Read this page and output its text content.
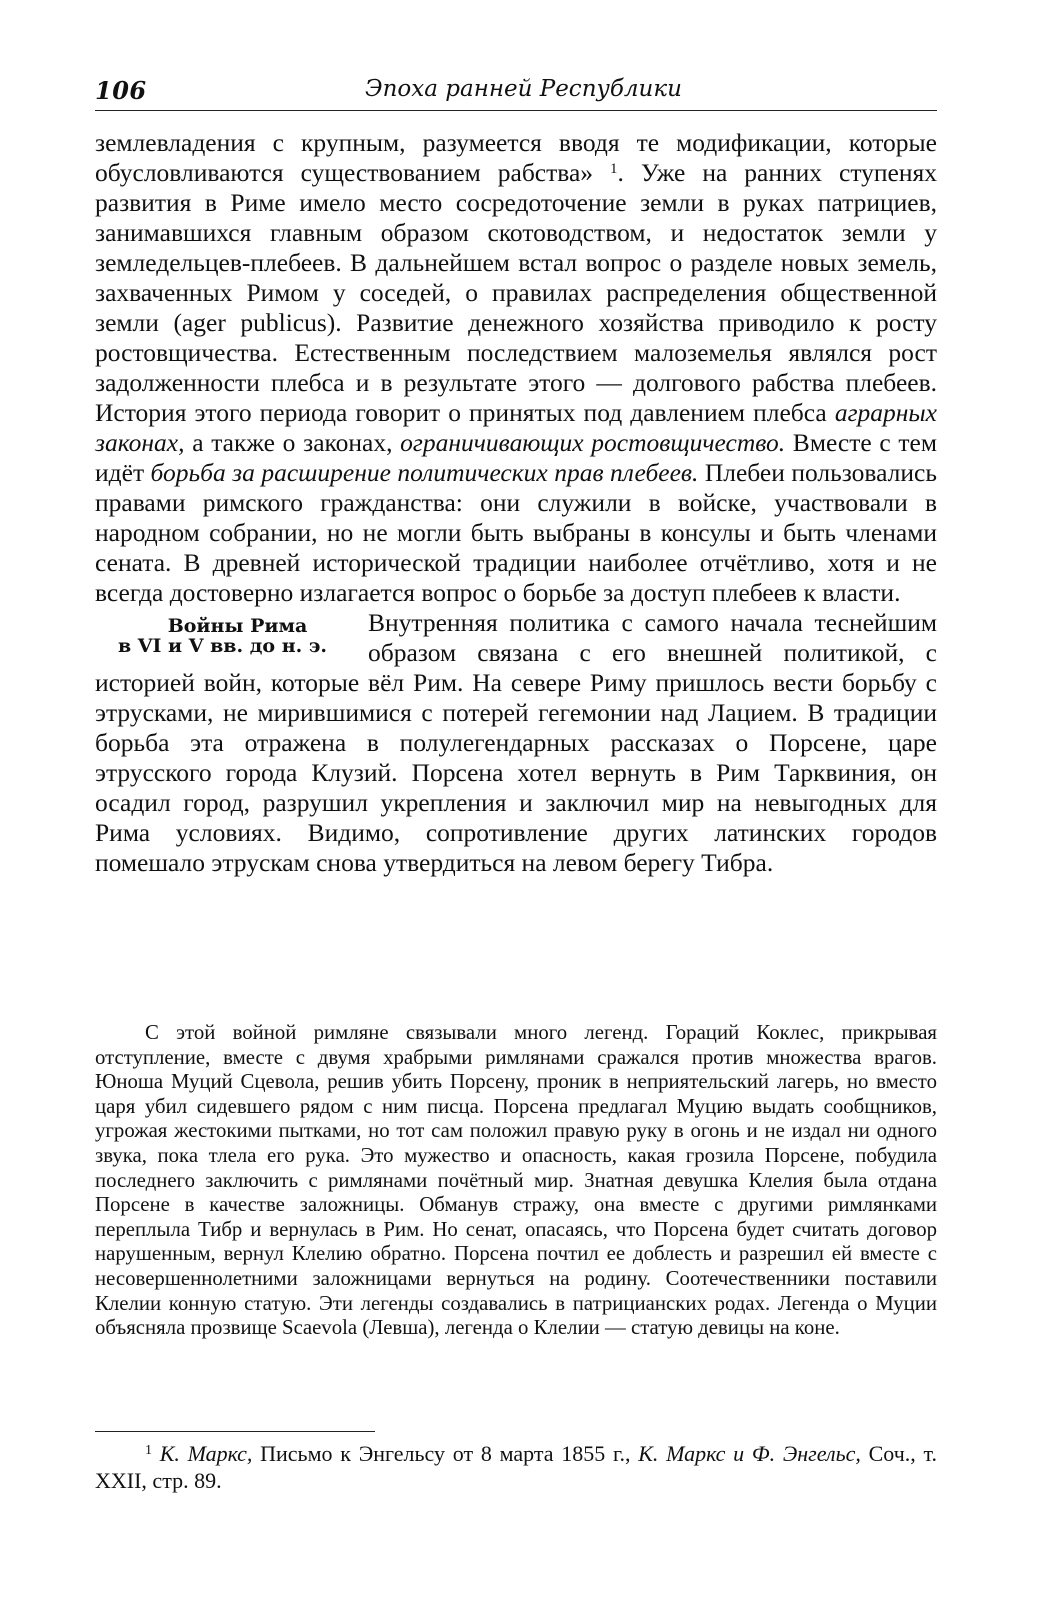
106	Эпоха ранней Республики

землевладения с крупным, разумеется вводя те модификации, которые обусловливаются существованием рабства» $^1$. Уже на ранних ступенях развития в Риме имело место сосредоточение земли в руках патрициев, занимавшихся главным образом скотоводством, и недостаток земли у земледельцев-плебеев. В дальнейшем встал вопрос о разделе новых земель, захваченных Римом у соседей, о правилах распределения общественной земли (ager publicus). Развитие денежного хозяйства приводило к росту ростовщичества. Естественным последствием малоземелья являлся рост задолженности плебса и в результате этого — долгового рабства плебеев. История этого периода говорит о принятых под давлением плебса аграрных законах, а также о законах, ограничивающих ростовщичество. Вместе с тем идёт борьба за расширение политических прав плебеев. Плебеи пользовались правами римского гражданства: они служили в войске, участвовали в народном собрании, но не могли быть выбраны в консулы и быть членами сената. В древней исторической традиции наиболее отчётливо, хотя и не всегда достоверно излагается вопрос о борьбе за доступ плебеев к власти.

Войны Рима
в VI и V вв. до н. э.
Внутренняя политика с самого начала теснейшим образом связана с его внешней политикой, с историей войн, которые вёл Рим. На севере Риму пришлось вести борьбу с этрусками, не мирившимися с потерей гегемонии над Лацием. В традиции борьба эта отражена в полулегендарных рассказах о Порсене, царе этрусского города Клузий. Порсена хотел вернуть в Рим Тарквиния, он осадил город, разрушил укрепления и заключил мир на невыгодных для Рима условиях. Видимо, сопротивление других латинских городов помешало этрускам снова утвердиться на левом берегу Тибра.

С этой войной римляне связывали много легенд. Гораций Коклес, прикрывая отступление, вместе с двумя храбрыми римлянами сражался против множества врагов. Юноша Муций Сцевола, решив убить Порсену, проник в неприятельский лагерь, но вместо царя убил сидевшего рядом с ним писца. Порсена предлагал Муцию выдать сообщников, угрожая жестокими пытками, но тот сам положил правую руку в огонь и не издал ни одного звука, пока тлела его рука. Это мужество и опасность, какая грозила Порсене, побудила последнего заключить с римлянами почётный мир. Знатная девушка Клелия была отдана Порсене в качестве заложницы. Обманув стражу, она вместе с другими римлянками переплыла Тибр и вернулась в Рим. Но сенат, опасаясь, что Порсена будет считать договор нарушенным, вернул Клелию обратно. Порсена почтил ее доблесть и разрешил ей вместе с несовершеннолетними заложницами вернуться на родину. Соотечественники поставили Клелии конную статую. Эти легенды создавались в патрицианских родах. Легенда о Муции объясняла прозвище Scaevola (Левша), легенда о Клелии — статую девицы на коне.
$^1$ К. Маркс, Письмо к Энгельсу от 8 марта 1855 г., К. Маркс и Ф. Энгельс, Соч., т. XXII, стр. 89.
